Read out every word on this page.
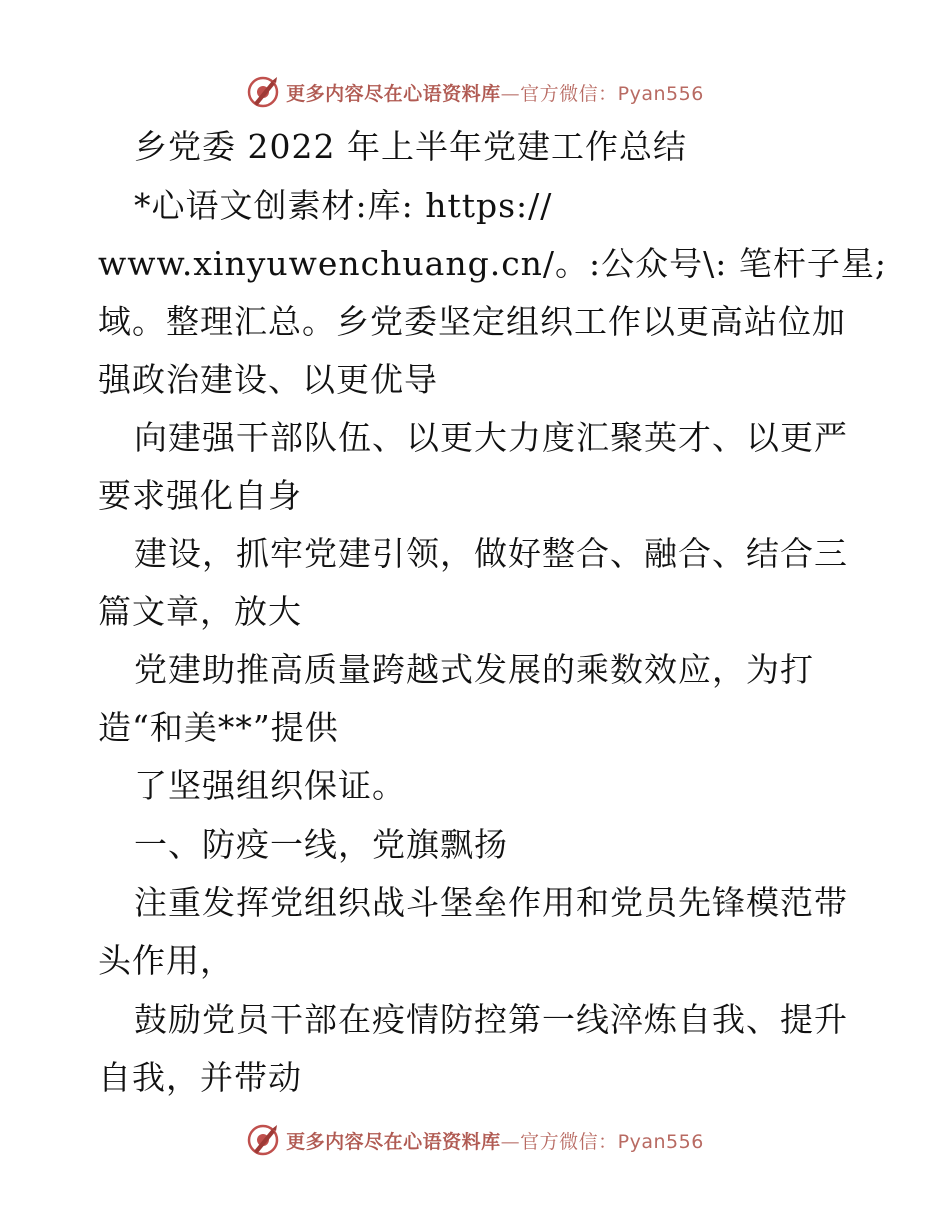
更多内容尽在心语资料库—官方微信：Pyan556
乡党委 2022 年上半年党建工作总结
*心语文创素材:库: https://
www.xinyuwenchuang.cn/。:公众号\: 笔杆子星;
域。整理汇总。乡党委坚定组织工作以更高站位加
强政治建设、以更优导
向建强干部队伍、以更大力度汇聚英才、以更严
要求强化自身
建设，抓牢党建引领，做好整合、融合、结合三
篇文章，放大
党建助推高质量跨越式发展的乘数效应，为打
造“和美**”提供
了坚强组织保证。
一、防疫一线，党旗飘扬
注重发挥党组织战斗堡垒作用和党员先锋模范带
头作用，
鼓励党员干部在疫情防控第一线淬炼自我、提升
自我，并带动
更多内容尽在心语资料库—官方微信：Pyan556
